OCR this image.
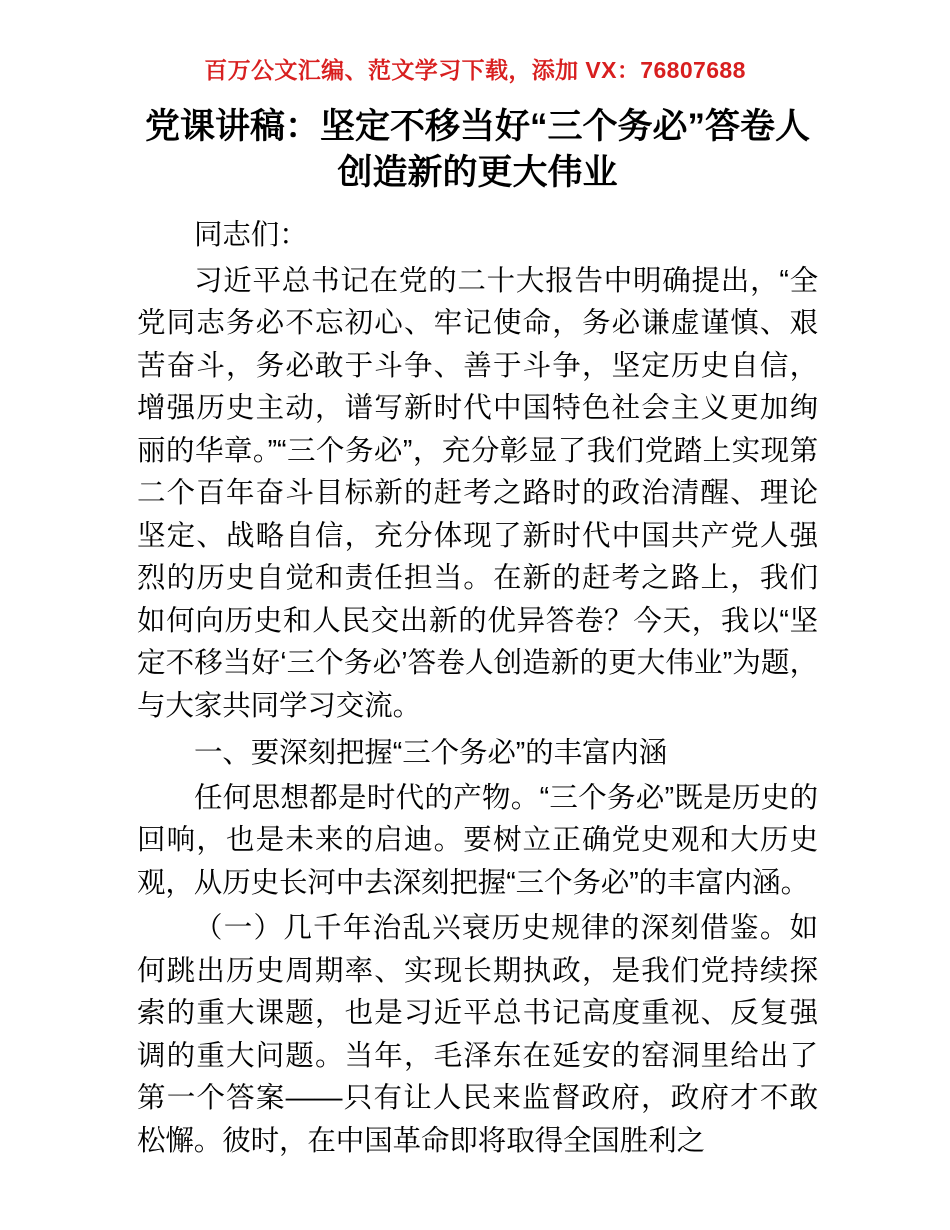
百万公文汇编、范文学习下载，添加 VX：76807688
党课讲稿：坚定不移当好“三个务必”答卷人创造新的更大伟业

同志们：

习近平总书记在党的二十大报告中明确提出，“全党同志务必不忘初心、牢记使命，务必谦虚谨慎、艰苦奋斗，务必敢于斗争、善于斗争，坚定历史自信，增强历史主动，谱写新时代中国特色社会主义更加绚丽的华章。”“三个务必”，充分彰显了我们党踏上实现第二个百年奋斗目标新的赶考之路时的政治清醒、理论坚定、战略自信，充分体现了新时代中国共产党人强烈的历史自觉和责任担当。在新的赶考之路上，我们如何向历史和人民交出新的优异答卷？今天，我以“坚定不移当好‘三个务必’答卷人创造新的更大伟业”为题，与大家共同学习交流。

一、要深刻把握“三个务必”的丰富内涵

任何思想都是时代的产物。“三个务必”既是历史的回响，也是未来的启迪。要树立正确党史观和大历史观，从历史长河中去深刻把握“三个务必”的丰富内涵。

（一）几千年治乱兴衰历史规律的深刻借鉴。如何跳出历史周期率、实现长期执政，是我们党持续探索的重大课题，也是习近平总书记高度重视、反复强调的重大问题。当年，毛泽东在延安的窑洞里给出了第一个答案——只有让人民来监督政府，政府才不敢松懈。彼时，在中国革命即将取得全国胜利之
